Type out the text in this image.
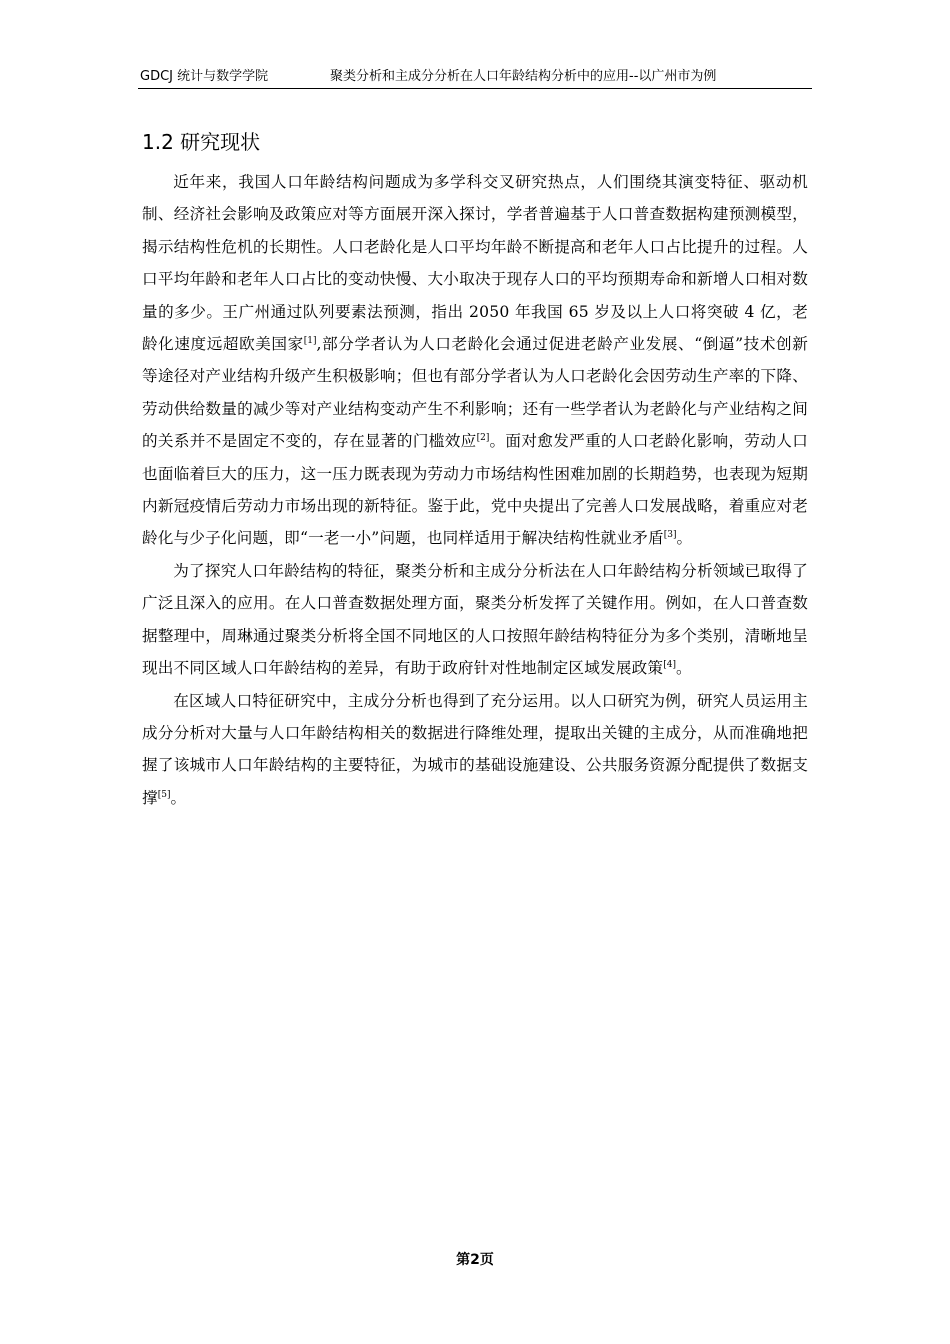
GDCJ 统计与数学学院	聚类分析和主成分分析在人口年龄结构分析中的应用--以广州市为例
1.2 研究现状

近年来，我国人口年龄结构问题成为多学科交叉研究热点，人们围绕其演变特征、驱动机制、经济社会影响及政策应对等方面展开深入探讨，学者普遍基于人口普查数据构建预测模型，揭示结构性危机的长期性。人口老龄化是人口平均年龄不断提高和老年人口占比提升的过程。人口平均年龄和老年人口占比的变动快慢、大小取决于现存人口的平均预期寿命和新增人口相对数量的多少。王广州通过队列要素法预测，指出 2050 年我国 65 岁及以上人口将突破 4 亿，老龄化速度远超欧美国家[1],部分学者认为人口老龄化会通过促进老龄产业发展、“倒逼”技术创新等途径对产业结构升级产生积极影响；但也有部分学者认为人口老龄化会因劳动生产率的下降、劳动供给数量的减少等对产业结构变动产生不利影响；还有一些学者认为老龄化与产业结构之间的关系并不是固定不变的，存在显著的门槛效应[2]。面对愈发严重的人口老龄化影响，劳动人口也面临着巨大的压力，这一压力既表现为劳动力市场结构性困难加剧的长期趋势，也表现为短期内新冠疫情后劳动力市场出现的新特征。鉴于此，党中央提出了完善人口发展战略，着重应对老龄化与少子化问题，即“一老一小”问题，也同样适用于解决结构性就业矛盾[3]。

为了探究人口年龄结构的特征，聚类分析和主成分分析法在人口年龄结构分析领域已取得了广泛且深入的应用。在人口普查数据处理方面，聚类分析发挥了关键作用。例如，在人口普查数据整理中，周琳通过聚类分析将全国不同地区的人口按照年龄结构特征分为多个类别，清晰地呈现出不同区域人口年龄结构的差异，有助于政府针对性地制定区域发展政策[4]。

在区域人口特征研究中，主成分分析也得到了充分运用。以人口研究为例，研究人员运用主成分分析对大量与人口年龄结构相关的数据进行降维处理，提取出关键的主成分，从而准确地把握了该城市人口年龄结构的主要特征，为城市的基础设施建设、公共服务资源分配提供了数据支撑[5]。

第2页
